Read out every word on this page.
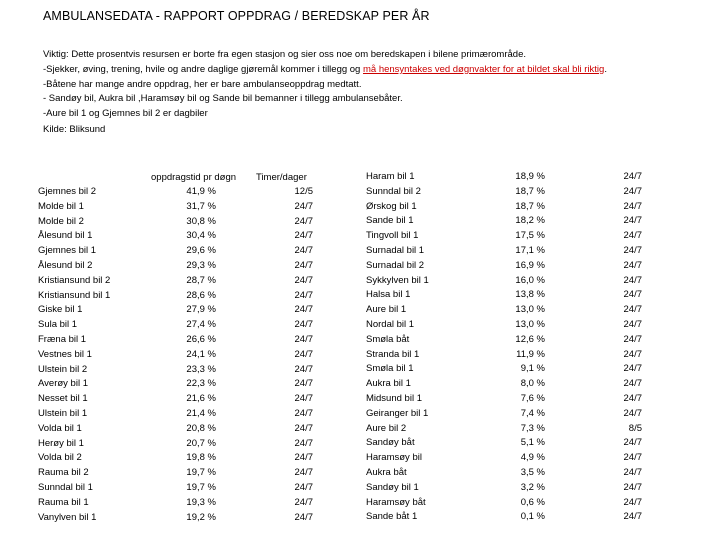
AMBULANSEDATA - RAPPORT OPPDRAG / BEREDSKAP PER ÅR
Viktig: Dette prosentvis resursen er borte fra egen stasjon og sier oss noe om beredskapen i bilene primærområde.
-Sjekker, øving, trening, hvile og andre daglige gjøremål kommer i tillegg og må hensyntakes ved døgnvakter for at bildet skal bli riktig.
-Båtene har mange andre oppdrag, her er bare ambulanseoppdrag medtatt.
- Sandøy bil, Aukra bil ,Haramsøy bil og Sande bil bemanner i tillegg ambulansebåter.
-Aure bil 1 og Gjemnes bil 2 er dagbiler
Kilde: Bliksund
oppdragstid pr døgn Timer/dager
Gjemnes bil 2
Molde bil 1
Molde bil 2
Ålesund bil 1
Gjemnes bil 1
Ålesund bil 2
Kristiansund bil 2
Kristiansund bil 1
Giske bil 1
Sula bil 1
Fræna bil 1
Vestnes bil 1
Ulstein bil 2
Averøy bil 1
Nesset bil 1
Ulstein bil 1
Volda bil 1
Herøy bil 1
Volda bil 2
Rauma bil 2
Sunndal bil 1
Rauma bil 1
Vanylven bil 1
41,9 %
31,7 %
30,8 %
30,4 %
29,6 %
29,3 %
28,7 %
28,6 %
27,9 %
27,4 %
26,6 %
24,1 %
23,3 %
22,3 %
21,6 %
21,4 %
20,8 %
20,7 %
19,8 %
19,7 %
19,7 %
19,3 %
19,2 %
12/5
24/7
24/7
24/7
24/7
24/7
24/7
24/7
24/7
24/7
24/7
24/7
24/7
24/7
24/7
24/7
24/7
24/7
24/7
24/7
24/7
24/7
24/7
Haram bil 1
Sunndal bil 2
Ørskog bil 1
Sande bil 1
Tingvoll bil 1
Surnadal bil 1
Surnadal bil 2
Sykkylven bil 1
Halsa bil 1
Aure bil 1
Nordal bil 1
Smøla båt
Stranda bil 1
Smøla bil 1
Aukra bil 1
Midsund bil 1
Geiranger bil 1
Aure bil 2
Sandøy båt
Haramsøy bil
Aukra båt
Sandøy bil 1
Haramsøy båt
Sande båt 1
18,9 %
18,7 %
18,7 %
18,2 %
17,5 %
17,1 %
16,9 %
16,0 %
13,8 %
13,0 %
13,0 %
12,6 %
11,9 %
9,1 %
8,0 %
7,6 %
7,4 %
7,3 %
5,1 %
4,9 %
3,5 %
3,2 %
0,6 %
0,1 %
24/7
24/7
24/7
24/7
24/7
24/7
24/7
24/7
24/7
24/7
24/7
24/7
24/7
24/7
24/7
24/7
24/7
8/5
24/7
24/7
24/7
24/7
24/7
24/7
